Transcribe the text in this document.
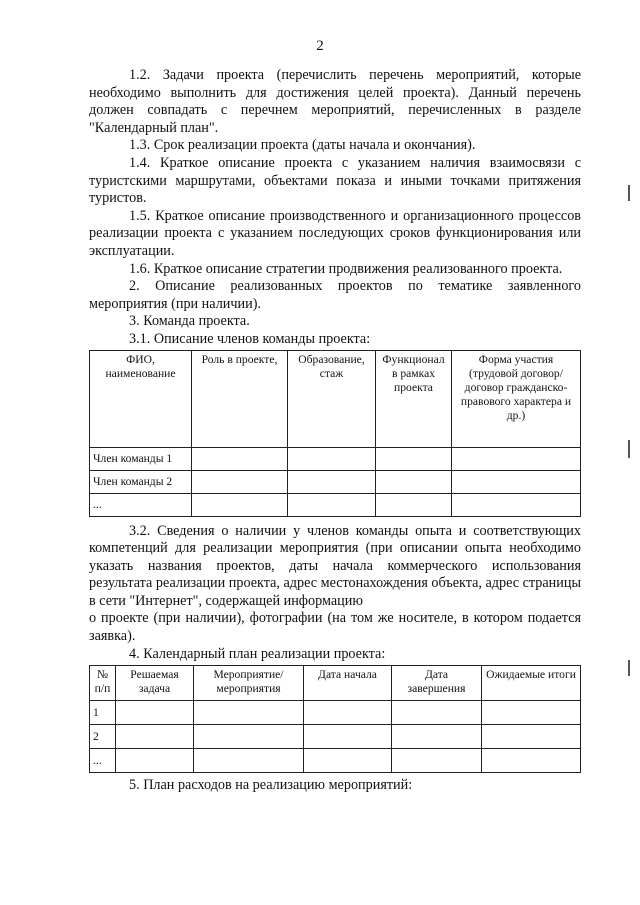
2

1.2. Задачи проекта (перечислить перечень мероприятий, которые необходимо выполнить для достижения целей проекта). Данный перечень должен совпадать с перечнем мероприятий, перечисленных в разделе "Календарный план".

1.3. Срок реализации проекта (даты начала и окончания).

1.4. Краткое описание проекта с указанием наличия взаимосвязи с туристскими маршрутами, объектами показа и иными точками притяжения туристов.

1.5. Краткое описание производственного и организационного процессов реализации проекта с указанием последующих сроков функционирования или эксплуатации.

1.6. Краткое описание стратегии продвижения реализованного проекта.

2. Описание реализованных проектов по тематике заявленного мероприятия (при наличии).

3. Команда проекта.

3.1. Описание членов команды проекта:

ФИО, наименование	Роль в проекте,	Образование, стаж	Функционал в рамках проекта	Форма участия (трудовой договор/договор гражданско-правового характера и др.)
Член команды 1				
Член команды 2				
...				

3.2. Сведения о наличии у членов команды опыта и соответствующих компетенций для реализации мероприятия (при описании опыта необходимо указать названия проектов, даты начала коммерческого использования результата реализации проекта, адрес местонахождения объекта, адрес страницы в сети "Интернет", содержащей информацию

о проекте (при наличии), фотографии (на том же носителе, в котором подается заявка).

4. Календарный план реализации проекта:

№ п/п	Решаемая задача	Мероприятие/ мероприятия	Дата начала	Дата завершения	Ожидаемые итоги
1					
2					
...					

5. План расходов на реализацию мероприятий:
